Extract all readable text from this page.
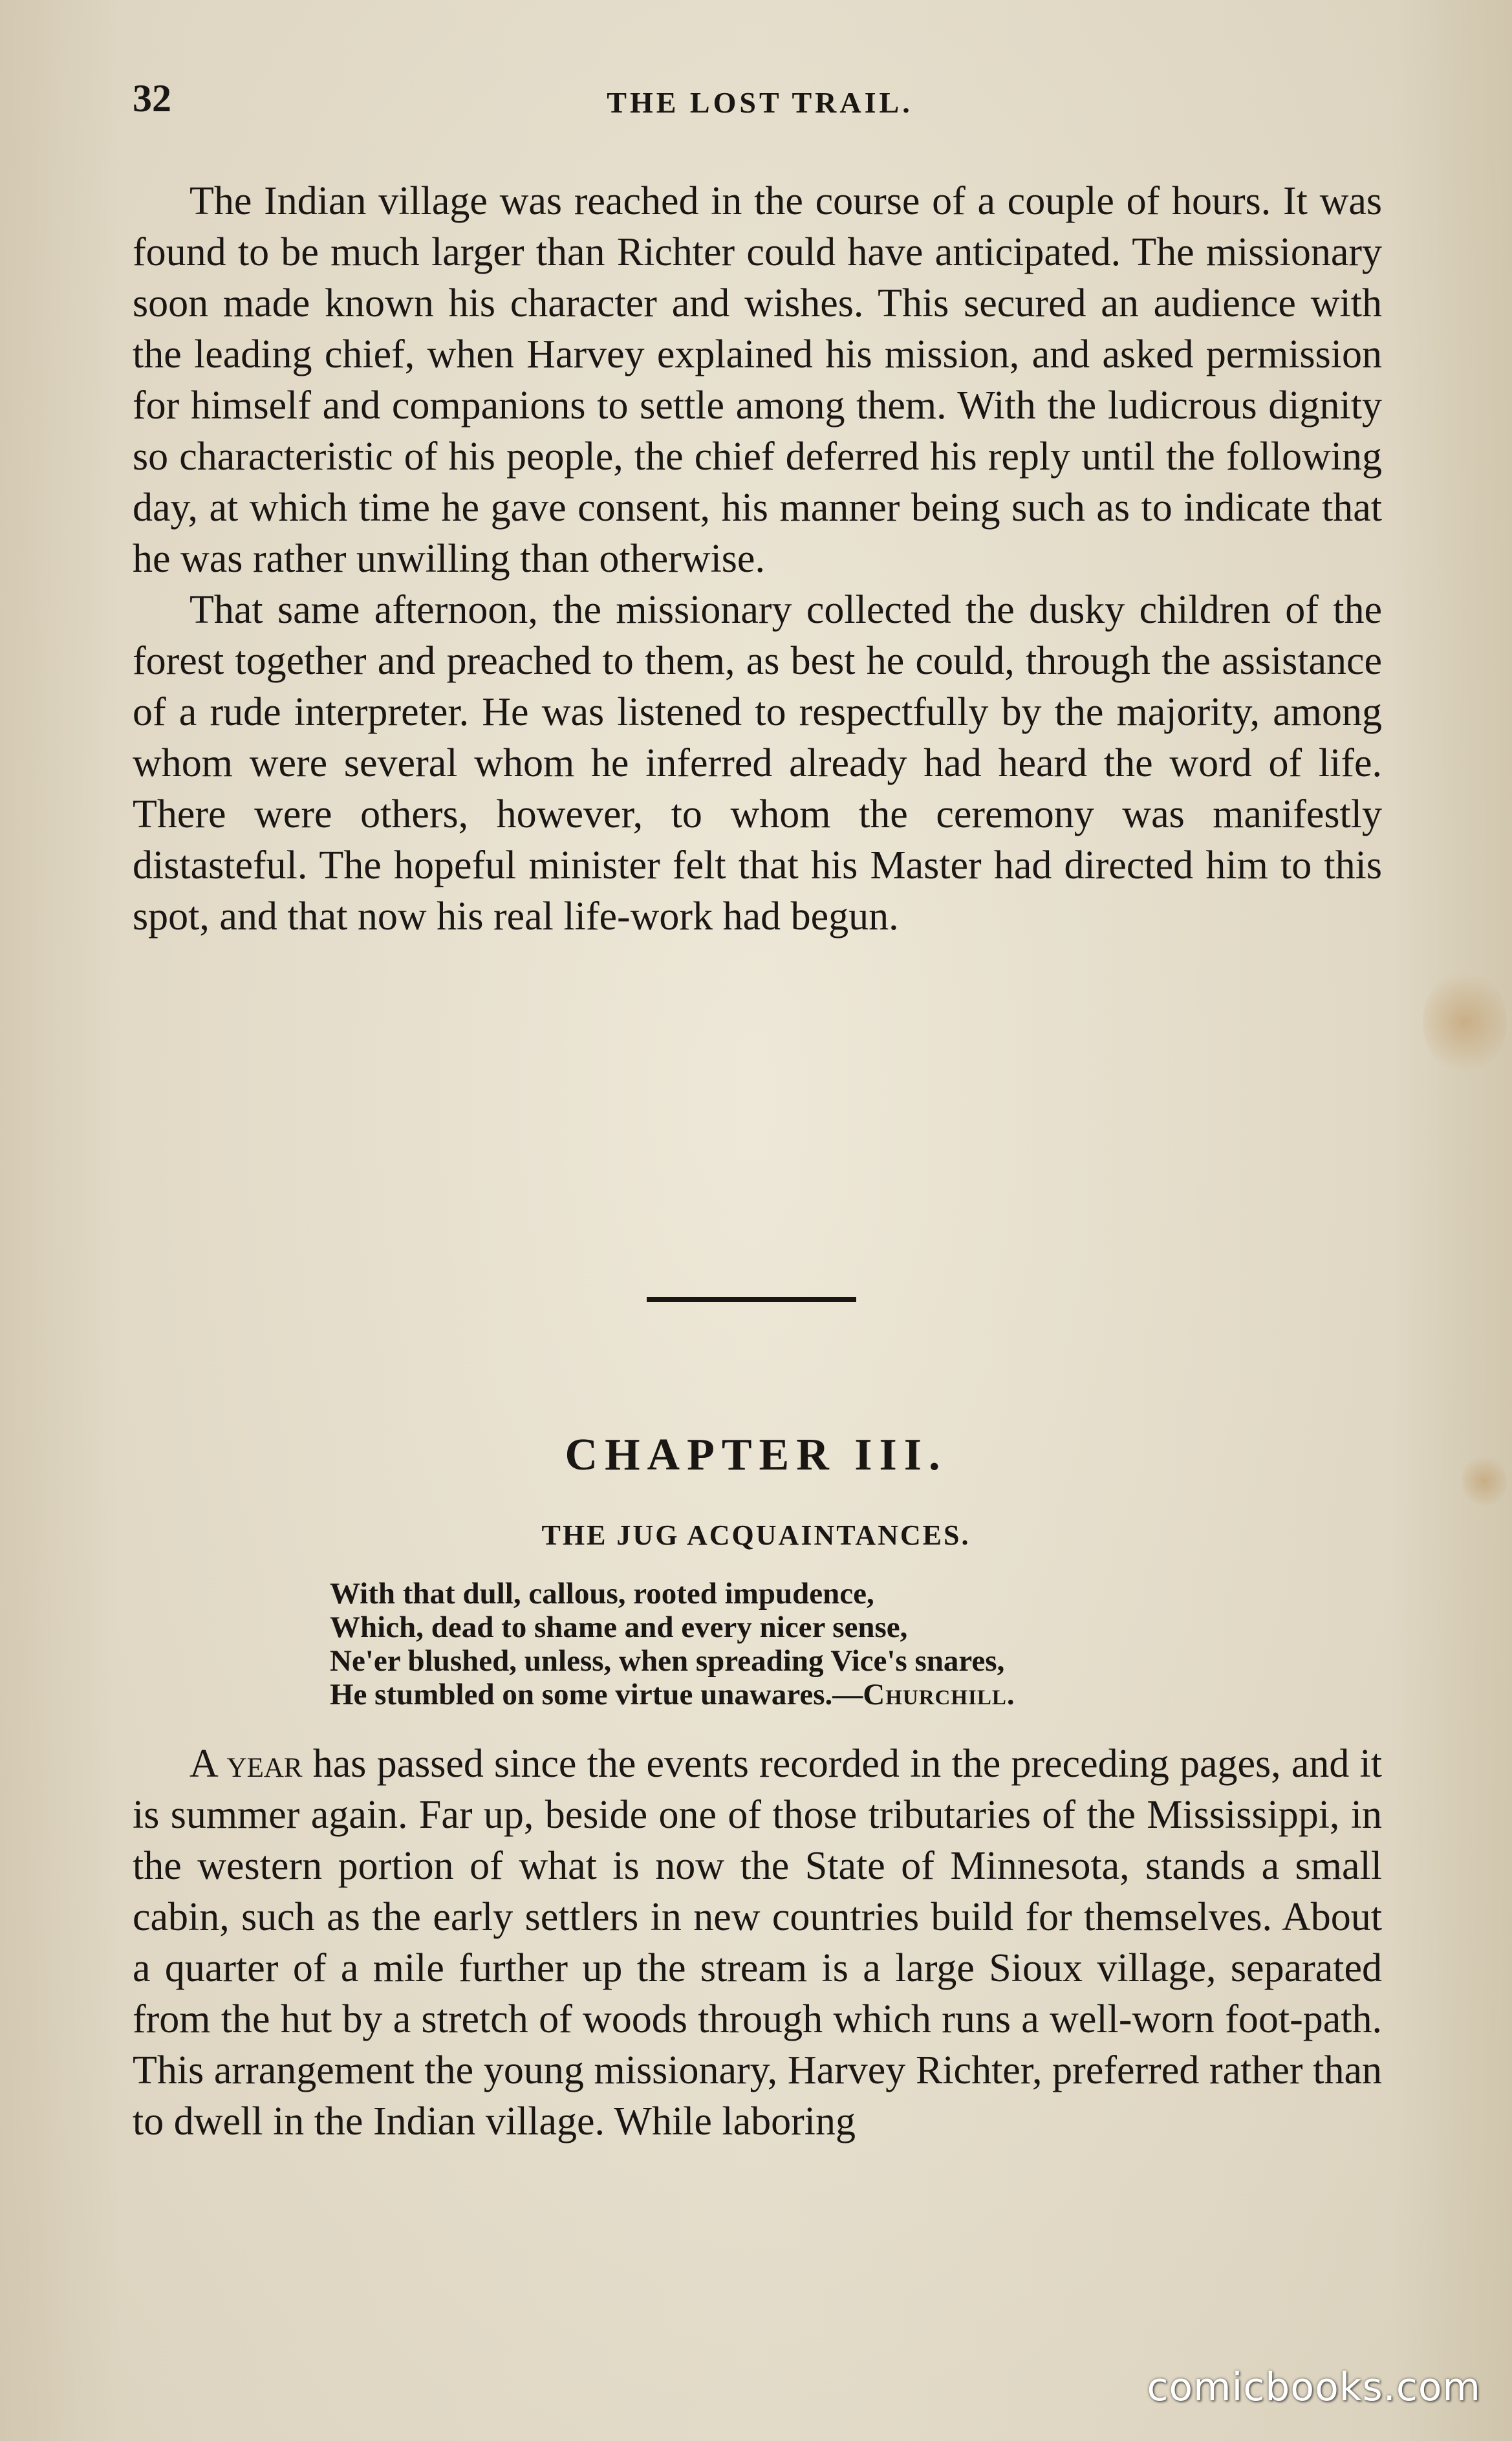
32	THE LOST TRAIL.

The Indian village was reached in the course of a couple of hours. It was found to be much larger than Richter could have anticipated. The missionary soon made known his character and wishes. This secured an audience with the leading chief, when Harvey explained his mission, and asked permission for himself and companions to settle among them. With the ludicrous dignity so characteristic of his people, the chief deferred his reply until the following day, at which time he gave consent, his manner being such as to indicate that he was rather unwilling than otherwise.

That same afternoon, the missionary collected the dusky children of the forest together and preached to them, as best he could, through the assistance of a rude interpreter. He was listened to respectfully by the majority, among whom were several whom he inferred already had heard the word of life. There were others, however, to whom the ceremony was manifestly distasteful. The hopeful minister felt that his Master had directed him to this spot, and that now his real life-work had begun.

CHAPTER III.
THE JUG ACQUAINTANCES.
With that dull, callous, rooted impudence,
Which, dead to shame and every nicer sense,
Ne'er blushed, unless, when spreading Vice's snares,
He stumbled on some virtue unawares.—Churchill.

A year has passed since the events recorded in the preceding pages, and it is summer again. Far up, beside one of those tributaries of the Mississippi, in the western portion of what is now the State of Minnesota, stands a small cabin, such as the early settlers in new countries build for themselves. About a quarter of a mile further up the stream is a large Sioux village, separated from the hut by a stretch of woods through which runs a well-worn foot-path. This arrangement the young missionary, Harvey Richter, preferred rather than to dwell in the Indian village. While laboring

comicbooks.com
